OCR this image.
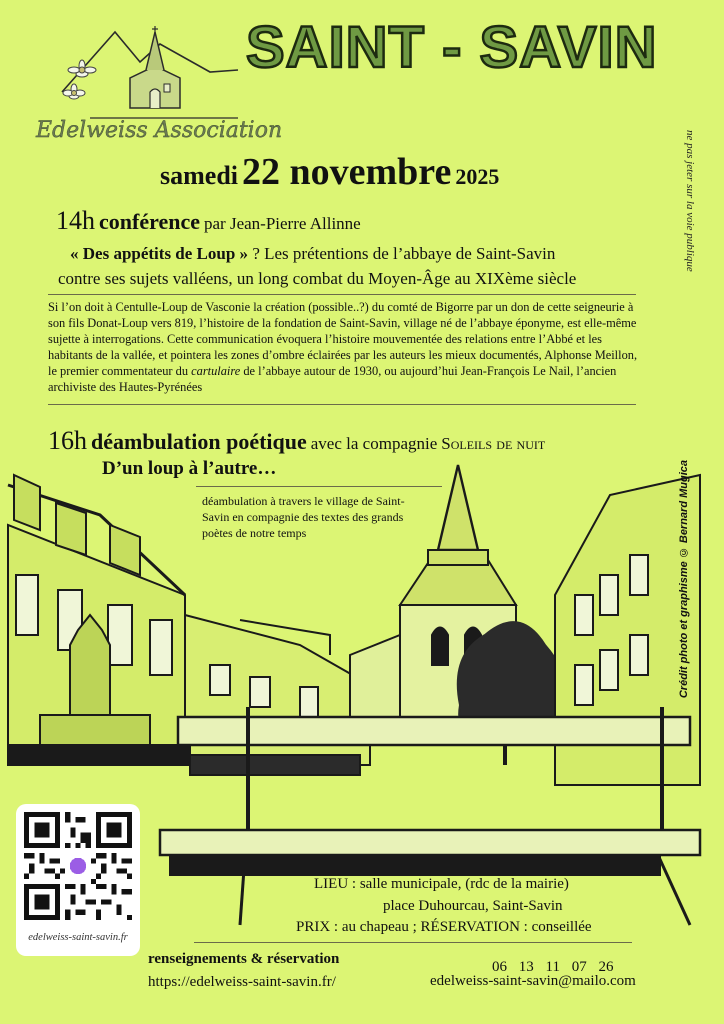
SAINT - SAVIN
Edelweiss Association
samedi 22 novembre 2025	ne pas jeter sur la voie publique
14h conférence par Jean-Pierre Allinne
« Des appétits de Loup » ? Les prétentions de l’abbaye de Saint-Savin
contre ses sujets valléens, un long combat du Moyen-Âge au XIXème siècle
Si l’on doit à Centulle-Loup de Vasconie la création (possible..?) du comté de Bigorre par un don de cette seigneurie à son fils Donat-Loup vers 819, l’histoire de la fondation de Saint-Savin, village né de l’abbaye éponyme, est elle-même sujette à interrogations. Cette communication évoquera l’histoire mouvementée des relations entre l’Abbé et les habitants de la vallée, et pointera les zones d’ombre éclairées par les auteurs les mieux documentés, Alphonse Meillon, le premier commentateur du cartulaire de l’abbaye autour de 1930, ou aujourd’hui Jean-François Le Nail, l’ancien archiviste des Hautes-Pyrénées
16h déambulation poétique avec la compagnie Soleils de nuit
D’un loup à l’autre…
déambulation à travers le village de Saint-Savin en compagnie des textes des grands poètes de notre temps	Crédit photo et graphisme © Bernard Mugica
edelweiss-saint-savin.fr
LIEU : salle municipale, (rdc de la mairie)
place Duhourcau, Saint-Savin
PRIX : au chapeau ; RÉSERVATION : conseillée
renseignements & réservation
https://edelweiss-saint-savin.fr/
06 13 11 07 26
edelweiss-saint-savin@mailo.com
